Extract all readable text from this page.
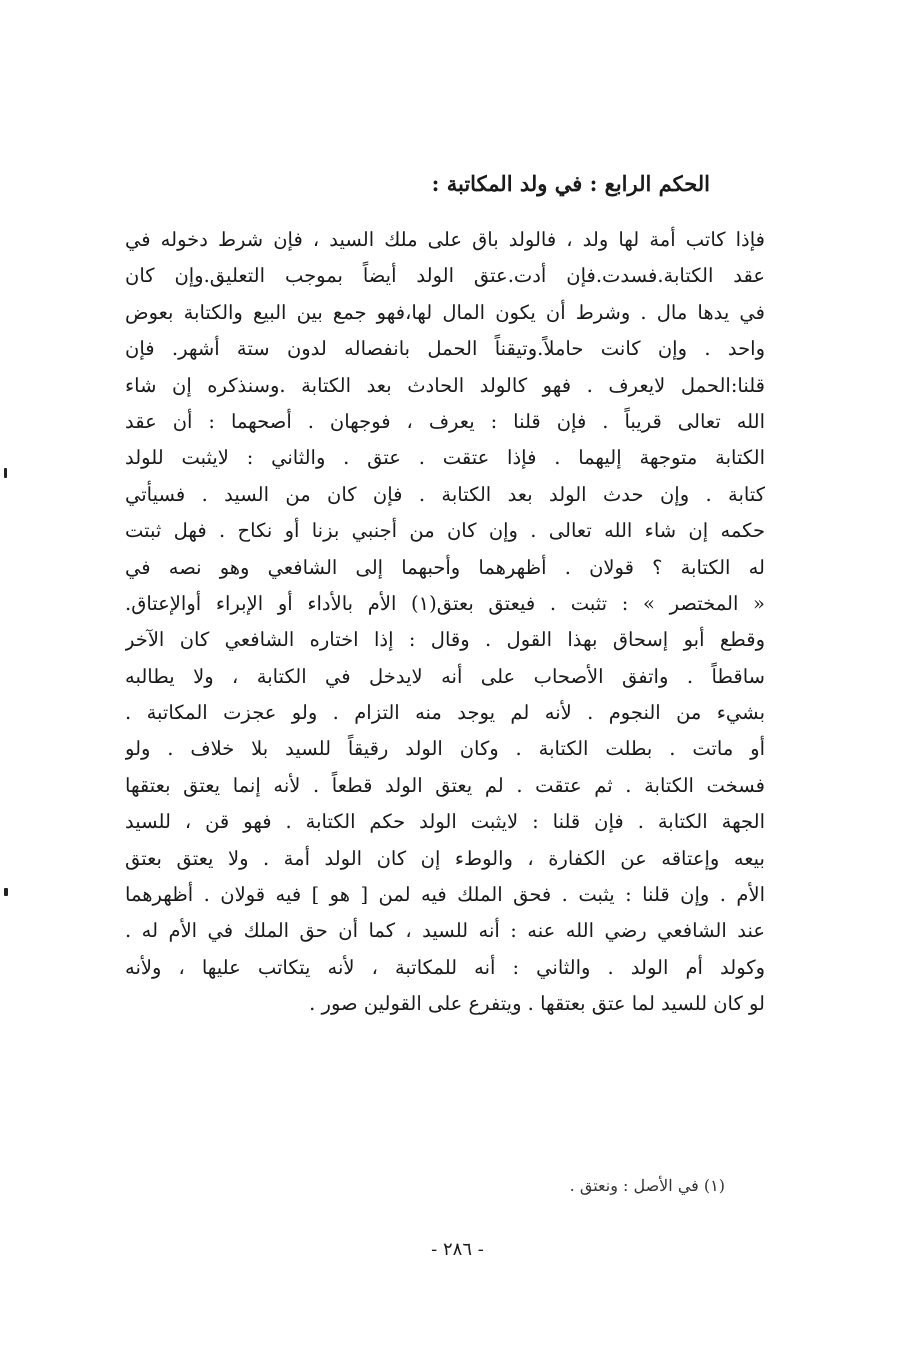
الحكم الرابع : في ولد المكاتبة :
فإذا كاتب أمة لها ولد ، فالولد باق على ملك السيد ، فإن شرط دخوله في
عقد الكتابة.فسدت.فإن أدت.عتق الولد أيضاً بموجب التعليق.وإن كان
في يدها مال . وشرط أن يكون المال لها،فهو جمع بين البيع والكتابة بعوض
واحد . وإن كانت حاملاً.وتيقناً الحمل بانفصاله لدون ستة أشهر. فإن
قلنا:الحمل لايعرف . فهو كالولد الحادث بعد الكتابة .وسنذكره إن شاء
الله تعالى قريباً . فإن قلنا : يعرف ، فوجهان . أصحهما : أن عقد
الكتابة متوجهة إليهما . فإذا عتقت . عتق . والثاني : لايثبت للولد
كتابة . وإن حدث الولد بعد الكتابة . فإن كان من السيد . فسيأتي
حكمه إن شاء الله تعالى . وإن كان من أجنبي بزنا أو نكاح . فهل ثبتت
له الكتابة ؟ قولان . أظهرهما وأحبهما إلى الشافعي وهو نصه في
« المختصر » : تثبت . فيعتق بعتق(١) الأم بالأداء أو الإبراء أوالإعتاق.
وقطع أبو إسحاق بهذا القول . وقال : إذا اختاره الشافعي كان الآخر
ساقطاً . واتفق الأصحاب على أنه لايدخل في الكتابة ، ولا يطالبه
بشيء من النجوم . لأنه لم يوجد منه التزام . ولو عجزت المكاتبة .
أو ماتت . بطلت الكتابة . وكان الولد رقيقاً للسيد بلا خلاف . ولو
فسخت الكتابة . ثم عتقت . لم يعتق الولد قطعاً . لأنه إنما يعتق بعتقها
الجهة الكتابة . فإن قلنا : لايثبت الولد حكم الكتابة . فهو قن ، للسيد
بيعه وإعتاقه عن الكفارة ، والوطء إن كان الولد أمة . ولا يعتق بعتق
الأم . وإن قلنا : يثبت . فحق الملك فيه لمن [ هو ] فيه قولان . أظهرهما
عند الشافعي رضي الله عنه : أنه للسيد ، كما أن حق الملك في الأم له .
وكولد أم الولد . والثاني : أنه للمكاتبة ، لأنه يتكاتب عليها ، ولأنه
لو كان للسيد لما عتق بعتقها . ويتفرع على القولين صور .
(١) في الأصل : ونعتق .
- ٢٨٦ -
